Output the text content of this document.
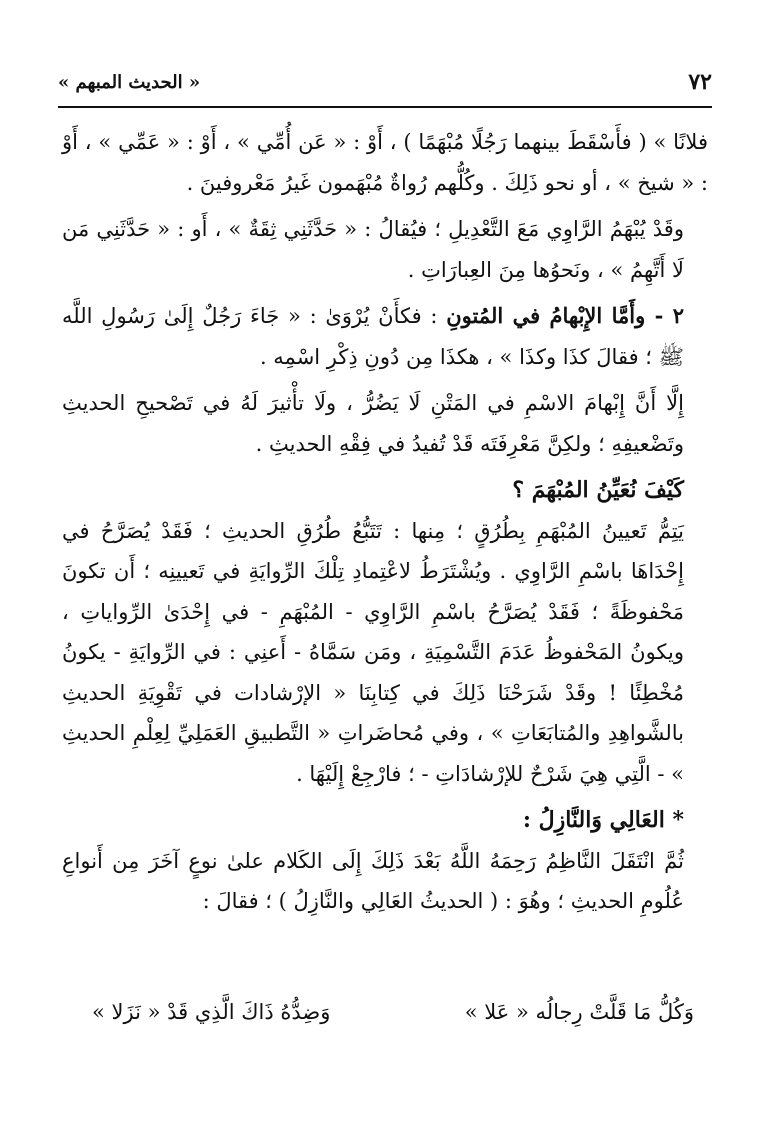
٧٢
« الحديث المبهم »

فلانًا » ( فأَسْقَطَ بينهما رَجُلًا مُبْهَمًا ) ، أَوْ : « عَن أُمِّي » ، أَوْ : « عَمِّي » ، أَوْ : « شيخ » ، أو نحو ذَلِكَ . وكُلُّهم رُواةٌ مُبْهَمون غَيرُ مَعْروفينَ .

وقَدْ يُبْهَمُ الرَّاوِي مَعَ التَّعْدِيلِ ؛ فيُقالُ : « حَدَّثَنِي ثِقَةٌ » ، أَو : « حَدَّثَنِي مَن لَا أَتَّهِمُ » ، ونَحوُها مِنَ العِبارَاتِ .

٢ - وأَمَّا الإِبْهامُ في المُتونِ : فكأَنْ يُرْوَىٰ : « جَاءَ رَجُلٌ إِلَىٰ رَسُولِ اللَّه ﷺ ؛ فقالَ كذَا وكذَا » ، هكذَا مِن دُونِ ذِكْرِ اسْمِه .

إِلَّا أَنَّ إِبْهامَ الاسْمِ في المَتْنِ لَا يَضُرُّ ، ولَا تأْثيرَ لَهُ في تَصْحيحِ الحديثِ وتَضْعيفِهِ ؛ ولكِنَّ مَعْرِفَتَه قَدْ تُفيدُ في فِقْهِ الحديثِ .

كَيْفَ نُعَيِّنُ المُبْهَمَ ؟

يَتِمُّ تَعيينُ المُبْهَمِ بِطُرُقٍ ؛ مِنها : تَتَبُّعُ طُرُقِ الحديثِ ؛ فَقَدْ يُصَرَّحُ في إِحْدَاهَا باسْمِ الرَّاوِي . ويُشْتَرَطُ لاعْتِمادِ تِلْكَ الرِّوايَةِ في تَعيينِه ؛ أَن تكونَ مَحْفوظَةً ؛ فَقَدْ يُصَرَّحُ باسْمِ الرَّاوِي - المُبْهَمِ - في إِحْدَىٰ الرِّواياتِ ، ويكونُ المَحْفوظُ عَدَمَ التَّسْمِيَةِ ، ومَن سَمَّاهُ - أَعنِي : في الرِّوايَةِ - يكونُ مُخْطِئًا ! وقَدْ شَرَحْنَا ذَلِكَ في كِتابِنَا « الإرْشادات في تَقْوِيَةِ الحديثِ بالشَّواهِدِ والمُتابَعَاتِ » ، وفي مُحاضَراتِ « التَّطبيقِ العَمَلِيِّ لِعِلْمِ الحديثِ » - الَّتِي هِيَ شَرْحٌ للإرْشادَاتِ - ؛ فارْجِعْ إِلَيْهَا .

* العَالِي وَالنَّازِلُ :

ثُمَّ انْتَقَلَ النَّاظِمُ رَحِمَهُ اللَّهُ بَعْدَ ذَلِكَ إِلَى الكَلام علىٰ نوعٍ آخَرَ مِن أَنواعِ عُلُومِ الحديثِ ؛ وهُوَ : ( الحديثُ العَالِي والنَّازِلُ ) ؛ فقالَ :

وَكُلُّ مَا قَلَّتْ رِجالُه « عَلا »
وَضِدُّهُ ذَاكَ الَّذِي قَدْ « نَزَلا »
